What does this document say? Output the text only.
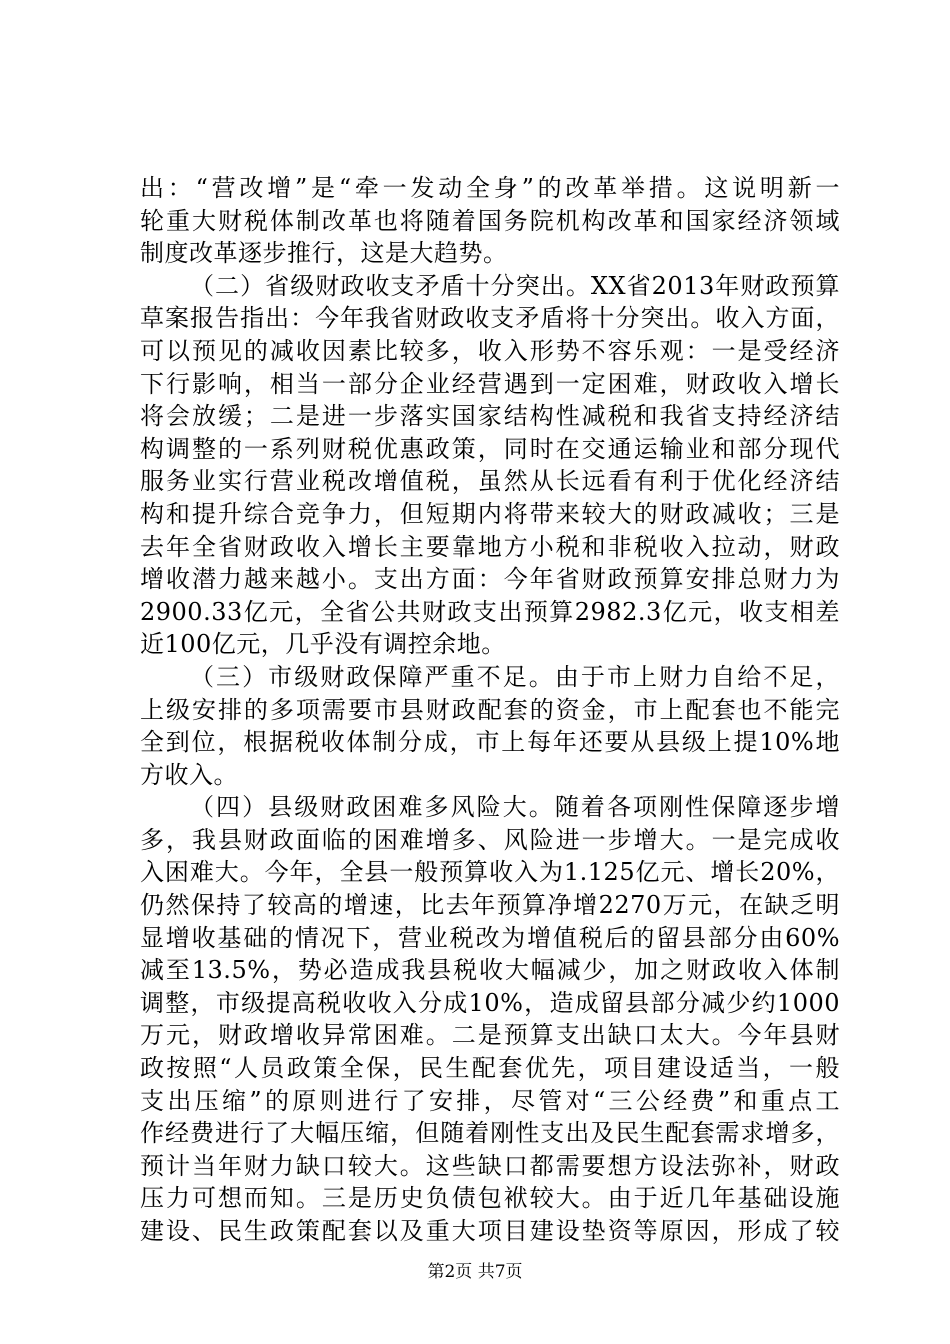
出：“营改增”是“牵一发动全身”的改革举措。这说明新一
轮重大财税体制改革也将随着国务院机构改革和国家经济领域
制度改革逐步推行，这是大趋势。
（二）省级财政收支矛盾十分突出。XX省2013年财政预算
草案报告指出：今年我省财政收支矛盾将十分突出。收入方面，
可以预见的减收因素比较多，收入形势不容乐观：一是受经济
下行影响，相当一部分企业经营遇到一定困难，财政收入增长
将会放缓；二是进一步落实国家结构性减税和我省支持经济结
构调整的一系列财税优惠政策，同时在交通运输业和部分现代
服务业实行营业税改增值税，虽然从长远看有利于优化经济结
构和提升综合竞争力，但短期内将带来较大的财政减收；三是
去年全省财政收入增长主要靠地方小税和非税收入拉动，财政
增收潜力越来越小。支出方面：今年省财政预算安排总财力为
2900.33亿元，全省公共财政支出预算2982.3亿元，收支相差
近100亿元，几乎没有调控余地。
（三）市级财政保障严重不足。由于市上财力自给不足，
上级安排的多项需要市县财政配套的资金，市上配套也不能完
全到位，根据税收体制分成，市上每年还要从县级上提10%地
方收入。
（四）县级财政困难多风险大。随着各项刚性保障逐步增
多，我县财政面临的困难增多、风险进一步增大。一是完成收
入困难大。今年，全县一般预算收入为1.125亿元、增长20%，
仍然保持了较高的增速，比去年预算净增2270万元，在缺乏明
显增收基础的情况下，营业税改为增值税后的留县部分由60%
减至13.5%，势必造成我县税收大幅减少，加之财政收入体制
调整，市级提高税收收入分成10%，造成留县部分减少约1000
万元，财政增收异常困难。二是预算支出缺口太大。今年县财
政按照“人员政策全保，民生配套优先，项目建设适当，一般
支出压缩”的原则进行了安排，尽管对“三公经费”和重点工
作经费进行了大幅压缩，但随着刚性支出及民生配套需求增多，
预计当年财力缺口较大。这些缺口都需要想方设法弥补，财政
压力可想而知。三是历史负债包袱较大。由于近几年基础设施
建设、民生政策配套以及重大项目建设垫资等原因，形成了较
第2页 共7页
